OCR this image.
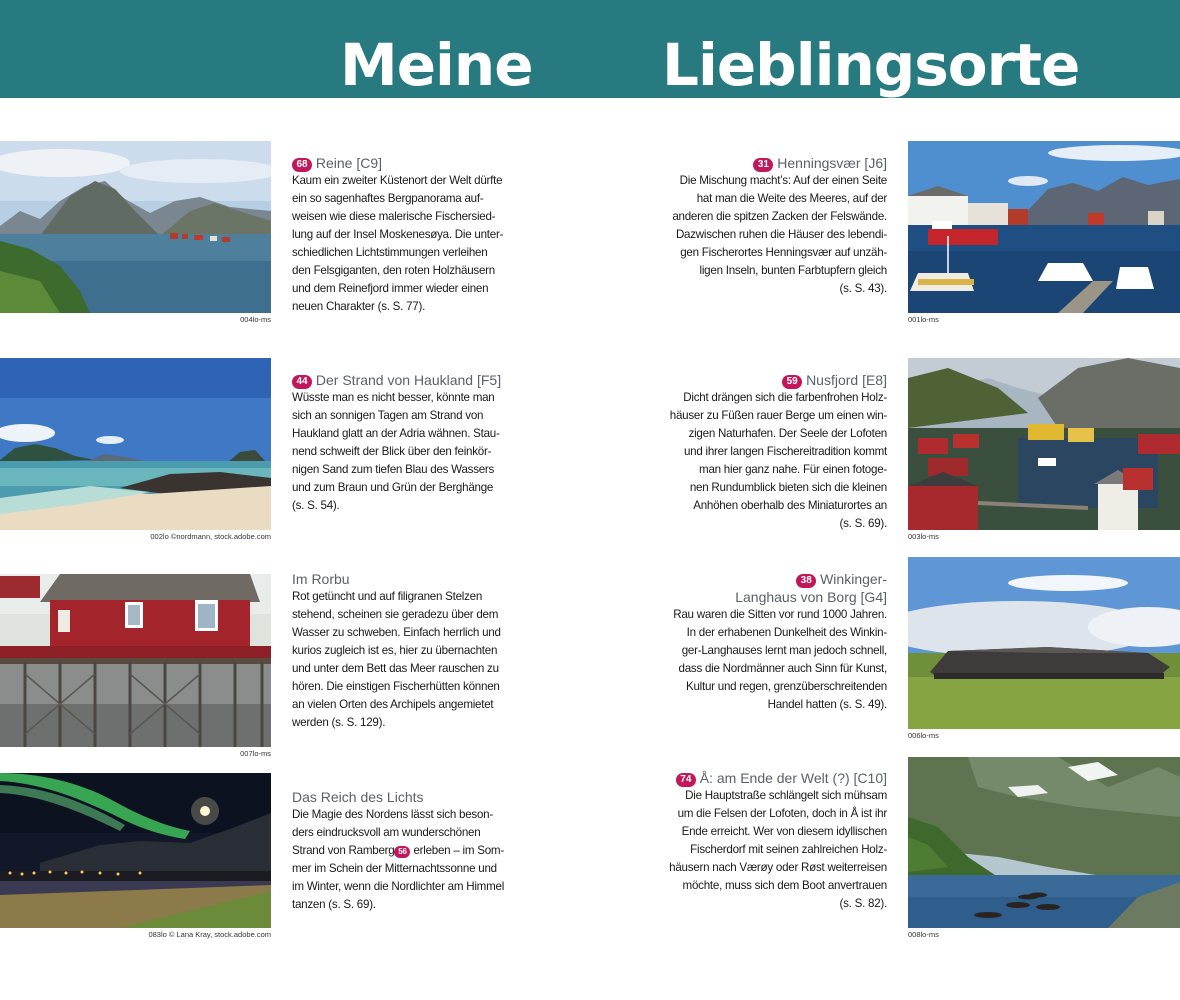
Meine Lieblingsorte
004lo-ms
68 Reine [C9]
Kaum ein zweiter Küstenort der Welt dürfte
ein so sagenhaftes Bergpanorama auf-
weisen wie diese malerische Fischersied-
lung auf der Insel Moskenesøya. Die unter-
schiedlichen Lichtstimmungen verleihen
den Felsgiganten, den roten Holzhäusern
und dem Reinefjord immer wieder einen
neuen Charakter (s. S. 77).
002lo ©nordmann, stock.adobe.com
44 Der Strand von Haukland [F5]
Wüsste man es nicht besser, könnte man
sich an sonnigen Tagen am Strand von
Haukland glatt an der Adria wähnen. Stau-
nend schweift der Blick über den feinkör-
nigen Sand zum tiefen Blau des Wassers
und zum Braun und Grün der Berghänge
(s. S. 54).
007lo-ms
Im Rorbu
Rot getüncht und auf filigranen Stelzen
stehend, scheinen sie geradezu über dem
Wasser zu schweben. Einfach herrlich und
kurios zugleich ist es, hier zu übernachten
und unter dem Bett das Meer rauschen zu
hören. Die einstigen Fischerhütten können
an vielen Orten des Archipels angemietet
werden (s. S. 129).
083lo © Lana Kray, stock.adobe.com
Das Reich des Lichts
Die Magie des Nordens lässt sich beson-
ders eindrucksvoll am wunderschönen
Strand von Ramberg 56 erleben – im Som-
mer im Schein der Mitternachtssonne und
im Winter, wenn die Nordlichter am Himmel
tanzen (s. S. 69).
001lo-ms
31 Henningsvær [J6]
Die Mischung macht’s: Auf der einen Seite
hat man die Weite des Meeres, auf der
anderen die spitzen Zacken der Felswände.
Dazwischen ruhen die Häuser des lebendi-
gen Fischerortes Henningsvær auf unzäh-
ligen Inseln, bunten Farbtupfern gleich
(s. S. 43).
003lo-ms
59 Nusfjord [E8]
Dicht drängen sich die farbenfrohen Holz-
häuser zu Füßen rauer Berge um einen win-
zigen Naturhafen. Der Seele der Lofoten
und ihrer langen Fischereitradition kommt
man hier ganz nahe. Für einen fotoge-
nen Rundumblick bieten sich die kleinen
Anhöhen oberhalb des Miniaturortes an
(s. S. 69).
006lo-ms
38 Winkinger-
Langhaus von Borg [G4]
Rau waren die Sitten vor rund 1000 Jahren.
In der erhabenen Dunkelheit des Winkin-
ger-Langhauses lernt man jedoch schnell,
dass die Nordmänner auch Sinn für Kunst,
Kultur und regen, grenzüberschreitenden
Handel hatten (s. S. 49).
008lo-ms
74 Å: am Ende der Welt (?) [C10]
Die Hauptstraße schlängelt sich mühsam
um die Felsen der Lofoten, doch in Å ist ihr
Ende erreicht. Wer von diesem idyllischen
Fischerdorf mit seinen zahlreichen Holz-
häusern nach Værøy oder Røst weiterreisen
möchte, muss sich dem Boot anvertrauen
(s. S. 82).
